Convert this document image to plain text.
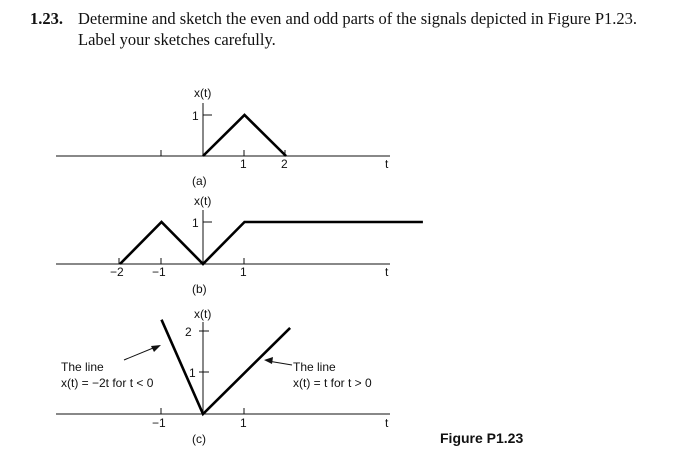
1.23. Determine and sketch the even and odd parts of the signals depicted in Figure P1.23.
Label your sketches carefully.
x(t)
1
1	2	t
(a)
x(t)
1
−2 −1	1	t
(b)
x(t)
2
1
−1	1	t
(c)
The line
x(t) = −2t for t < 0
The line
x(t) = t for t > 0
Figure P1.23
